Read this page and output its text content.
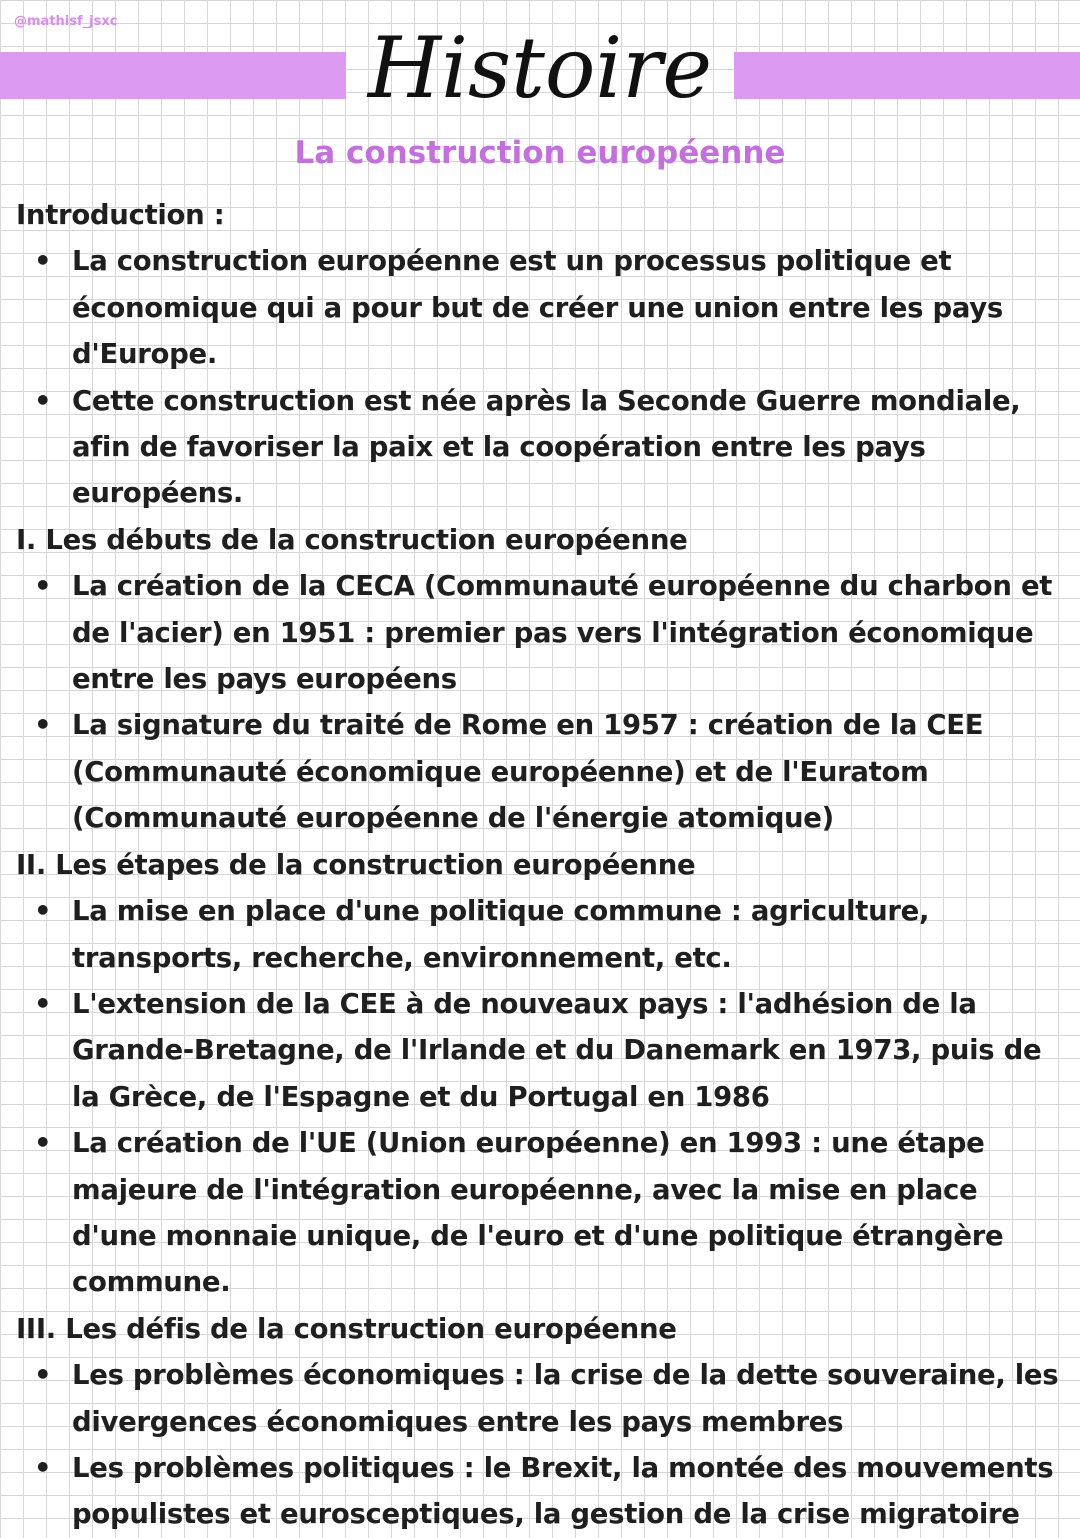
@mathisf_jsxc	Histoire
La construction européenne
Introduction :
• La construction européenne est un processus politique et économique qui a pour but de créer une union entre les pays d'Europe.
• Cette construction est née après la Seconde Guerre mondiale, afin de favoriser la paix et la coopération entre les pays européens.
I. Les débuts de la construction européenne
• La création de la CECA (Communauté européenne du charbon et de l'acier) en 1951 : premier pas vers l'intégration économique entre les pays européens
• La signature du traité de Rome en 1957 : création de la CEE (Communauté économique européenne) et de l'Euratom (Communauté européenne de l'énergie atomique)
II. Les étapes de la construction européenne
• La mise en place d'une politique commune : agriculture, transports, recherche, environnement, etc.
• L'extension de la CEE à de nouveaux pays : l'adhésion de la Grande-Bretagne, de l'Irlande et du Danemark en 1973, puis de la Grèce, de l'Espagne et du Portugal en 1986
• La création de l'UE (Union européenne) en 1993 : une étape majeure de l'intégration européenne, avec la mise en place d'une monnaie unique, de l'euro et d'une politique étrangère commune.
III. Les défis de la construction européenne
• Les problèmes économiques : la crise de la dette souveraine, les divergences économiques entre les pays membres
• Les problèmes politiques : le Brexit, la montée des mouvements populistes et eurosceptiques, la gestion de la crise migratoire
